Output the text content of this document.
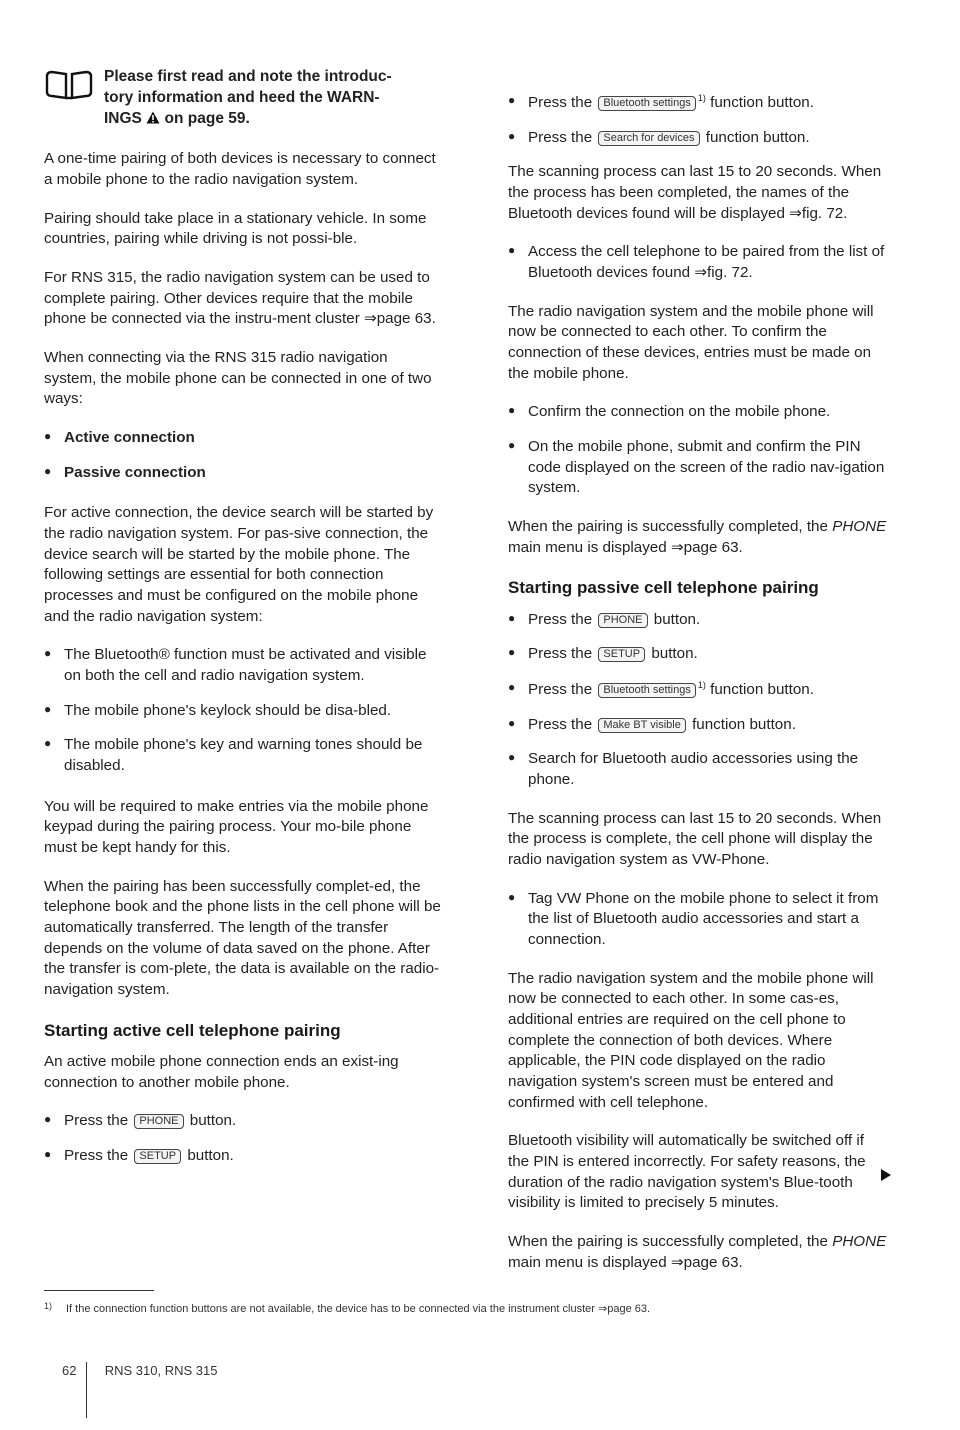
Please first read and note the introduc-
tory information and heed the WARN-
INGS on page 59.

A one-time pairing of both devices is necessary to connect a mobile phone to the radio navigation system.

Pairing should take place in a stationary vehicle. In some countries, pairing while driving is not possi-ble.

For RNS 315, the radio navigation system can be used to complete pairing. Other devices require that the mobile phone be connected via the instru-ment cluster ⇒page 63.

When connecting via the RNS 315 radio navigation system, the mobile phone can be connected in one of two ways:

● Active connection
● Passive connection

For active connection, the device search will be started by the radio navigation system. For pas-sive connection, the device search will be started by the mobile phone. The following settings are essential for both connection processes and must be configured on the mobile phone and the radio navigation system:

● The Bluetooth® function must be activated and visible on both the cell and radio navigation system.
● The mobile phone's keylock should be disa-bled.
● The mobile phone's key and warning tones should be disabled.

You will be required to make entries via the mobile phone keypad during the pairing process. Your mo-bile phone must be kept handy for this.

When the pairing has been successfully complet-ed, the telephone book and the phone lists in the cell phone will be automatically transferred. The length of the transfer depends on the volume of data saved on the phone. After the transfer is com-plete, the data is available on the radio-navigation system.

Starting active cell telephone pairing

An active mobile phone connection ends an exist-ing connection to another mobile phone.

● Press the PHONE button.
● Press the SETUP button.
● Press the Bluetooth settings $^{1)}$ function button.
● Press the Search for devices function button.

The scanning process can last 15 to 20 seconds. When the process has been completed, the names of the Bluetooth devices found will be displayed ⇒fig. 72.

● Access the cell telephone to be paired from the list of Bluetooth devices found ⇒fig. 72.

The radio navigation system and the mobile phone will now be connected to each other. To confirm the connection of these devices, entries must be made on the mobile phone.

● Confirm the connection on the mobile phone.
● On the mobile phone, submit and confirm the PIN code displayed on the screen of the radio nav-igation system.

When the pairing is successfully completed, the PHONE main menu is displayed ⇒page 63.

Starting passive cell telephone pairing
● Press the PHONE button.
● Press the SETUP button.
● Press the Bluetooth settings $^{1)}$ function button.
● Press the Make BT visible function button.
● Search for Bluetooth audio accessories using the phone.

The scanning process can last 15 to 20 seconds. When the process is complete, the cell phone will display the radio navigation system as VW-Phone.

● Tag VW Phone on the mobile phone to select it from the list of Bluetooth audio accessories and start a connection.

The radio navigation system and the mobile phone will now be connected to each other. In some cas-es, additional entries are required on the cell phone to complete the connection of both devices. Where applicable, the PIN code displayed on the radio navigation system's screen must be entered and confirmed with cell telephone.

Bluetooth visibility will automatically be switched off if the PIN is entered incorrectly. For safety reasons, the duration of the radio navigation system's Blue-tooth visibility is limited to precisely 5 minutes.

When the pairing is successfully completed, the PHONE main menu is displayed ⇒page 63.

1) If the connection function buttons are not available, the device has to be connected via the instrument cluster ⇒page 63.
62 RNS 310, RNS 315
